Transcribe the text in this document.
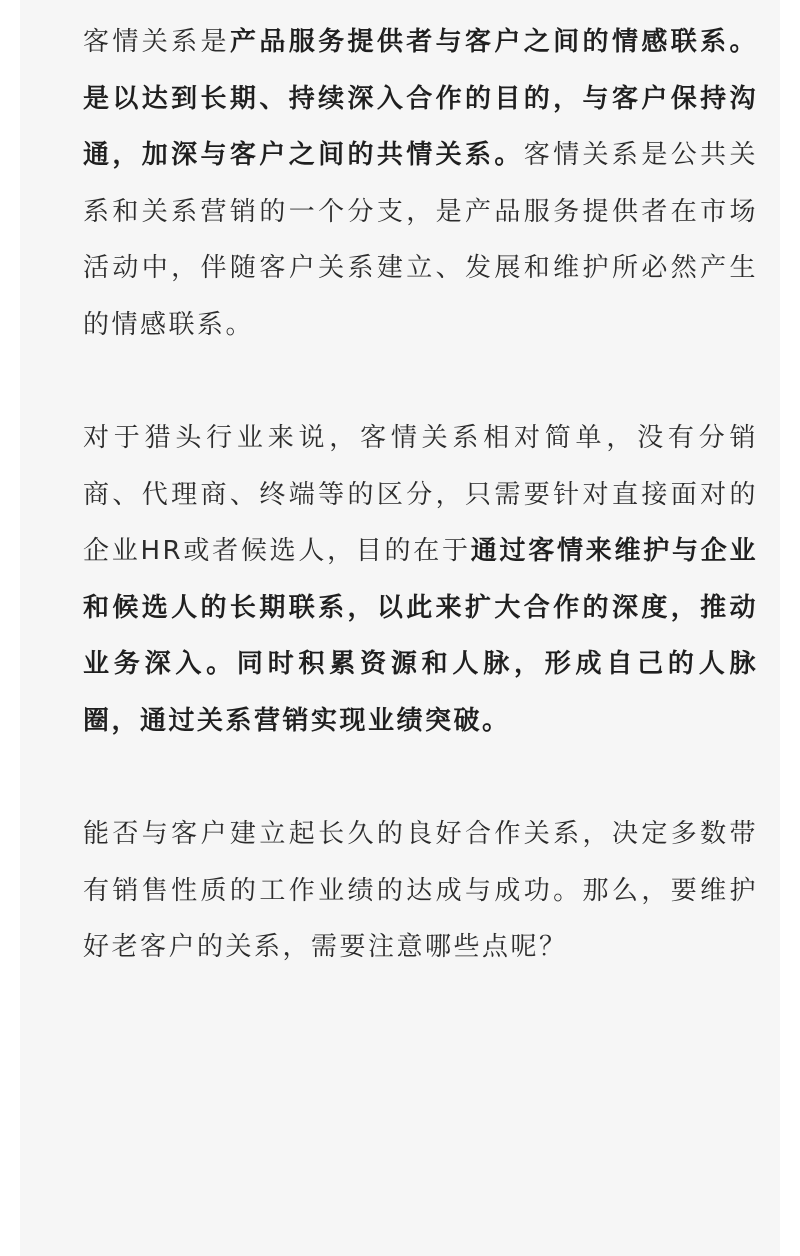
客情关系是产品服务提供者与客户之间的情感联系。是以达到长期、持续深入合作的目的，与客户保持沟通，加深与客户之间的共情关系。客情关系是公共关系和关系营销的一个分支，是产品服务提供者在市场活动中，伴随客户关系建立、发展和维护所必然产生的情感联系。

对于猎头行业来说，客情关系相对简单，没有分销商、代理商、终端等的区分，只需要针对直接面对的企业HR或者候选人，目的在于通过客情来维护与企业和候选人的长期联系，以此来扩大合作的深度，推动业务深入。同时积累资源和人脉，形成自己的人脉圈，通过关系营销实现业绩突破。

能否与客户建立起长久的良好合作关系，决定多数带有销售性质的工作业绩的达成与成功。那么，要维护好老客户的关系，需要注意哪些点呢？
